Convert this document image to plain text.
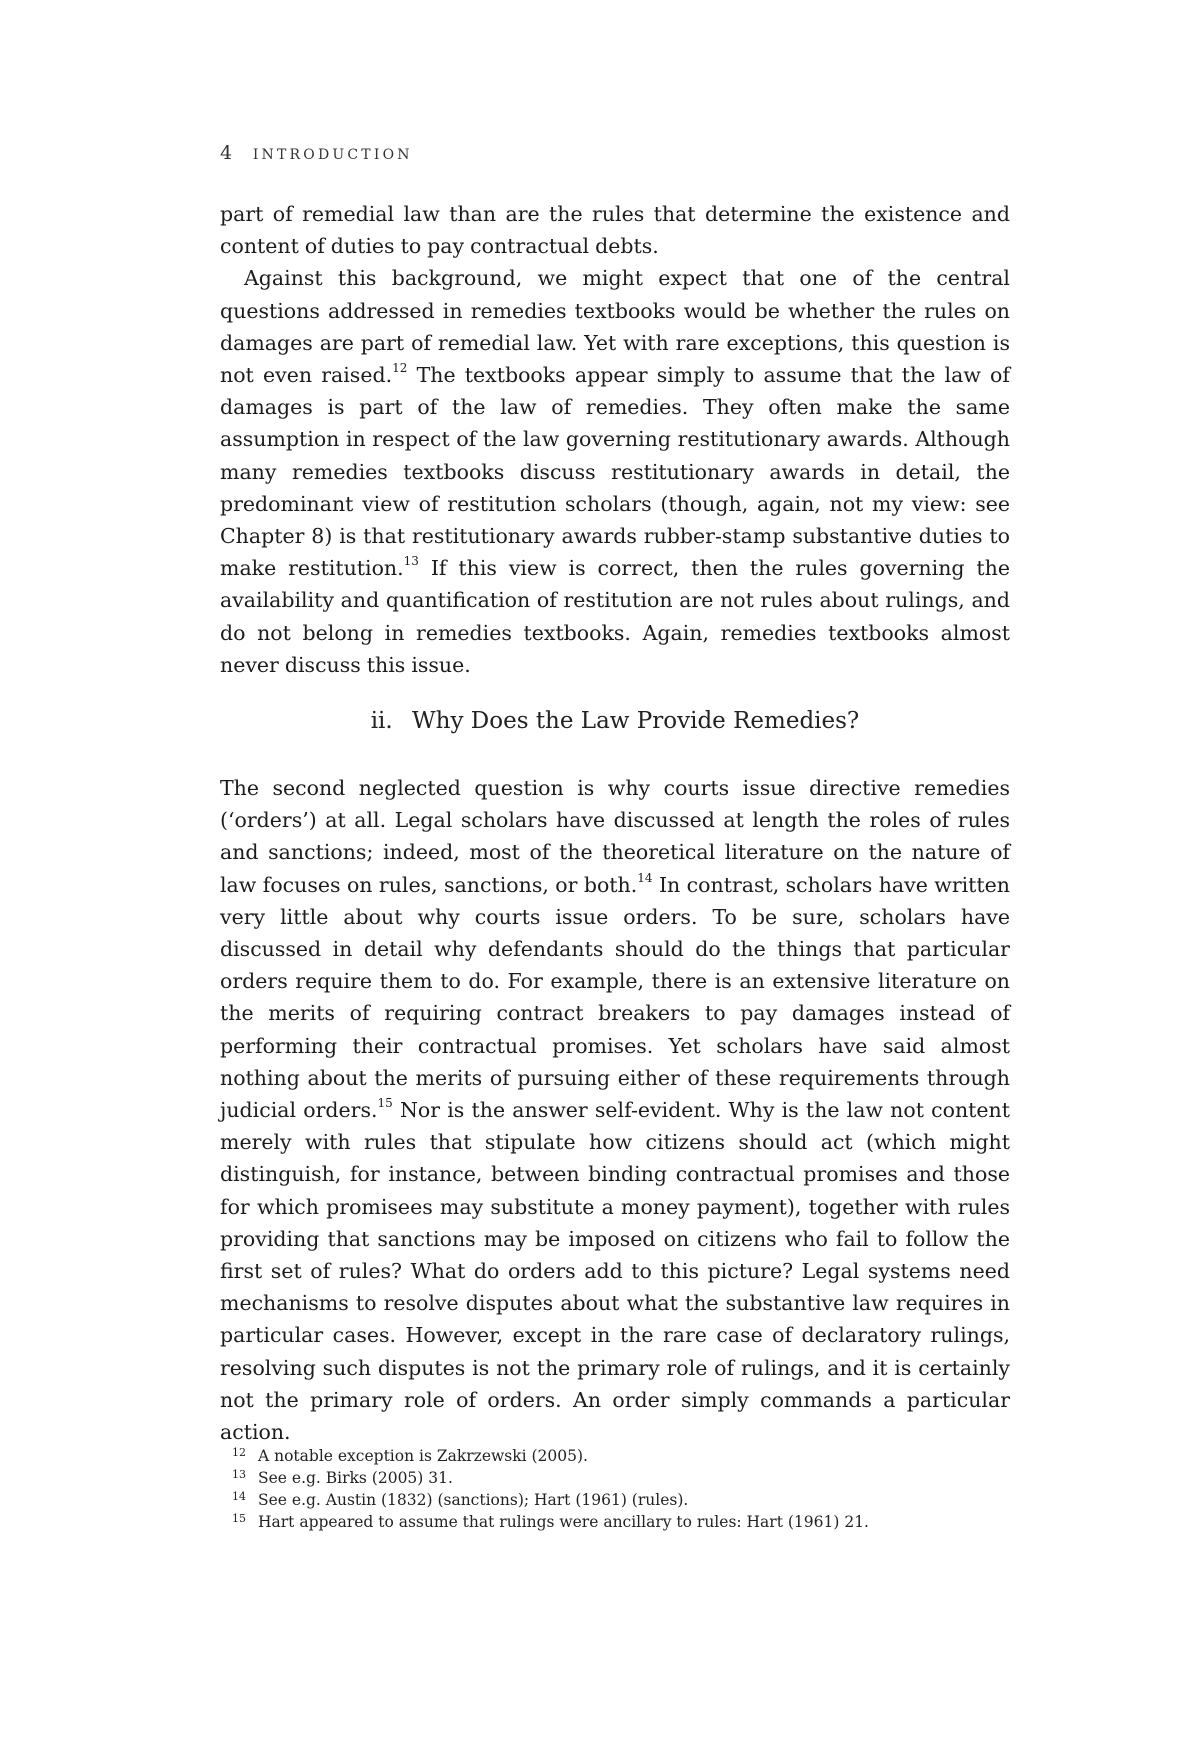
4 INTRODUCTION

part of remedial law than are the rules that determine the existence and content of duties to pay contractual debts.

Against this background, we might expect that one of the central questions addressed in remedies textbooks would be whether the rules on damages are part of remedial law. Yet with rare exceptions, this question is not even raised.$^{12}$ The textbooks appear simply to assume that the law of damages is part of the law of remedies. They often make the same assumption in respect of the law governing restitutionary awards. Although many remedies textbooks discuss restitutionary awards in detail, the predominant view of restitution scholars (though, again, not my view: see Chapter 8) is that restitutionary awards rubber-stamp substantive duties to make restitution.$^{13}$ If this view is correct, then the rules governing the availability and quantification of restitution are not rules about rulings, and do not belong in remedies textbooks. Again, remedies textbooks almost never discuss this issue.

ii. Why Does the Law Provide Remedies?

The second neglected question is why courts issue directive remedies (‘orders’) at all. Legal scholars have discussed at length the roles of rules and sanctions; indeed, most of the theoretical literature on the nature of law focuses on rules, sanctions, or both.$^{14}$ In contrast, scholars have written very little about why courts issue orders. To be sure, scholars have discussed in detail why defendants should do the things that particular orders require them to do. For example, there is an extensive literature on the merits of requiring contract breakers to pay damages instead of performing their contractual promises. Yet scholars have said almost nothing about the merits of pursuing either of these requirements through judicial orders.$^{15}$ Nor is the answer self-evident. Why is the law not content merely with rules that stipulate how citizens should act (which might distinguish, for instance, between binding contractual promises and those for which promisees may substitute a money payment), together with rules providing that sanctions may be imposed on citizens who fail to follow the first set of rules? What do orders add to this picture? Legal systems need mechanisms to resolve disputes about what the substantive law requires in particular cases. However, except in the rare case of declaratory rulings, resolving such disputes is not the primary role of rulings, and it is certainly not the primary role of orders. An order simply commands a particular action.

12 A notable exception is Zakrzewski (2005).
13 See e.g. Birks (2005) 31.
14 See e.g. Austin (1832) (sanctions); Hart (1961) (rules).
15 Hart appeared to assume that rulings were ancillary to rules: Hart (1961) 21.
